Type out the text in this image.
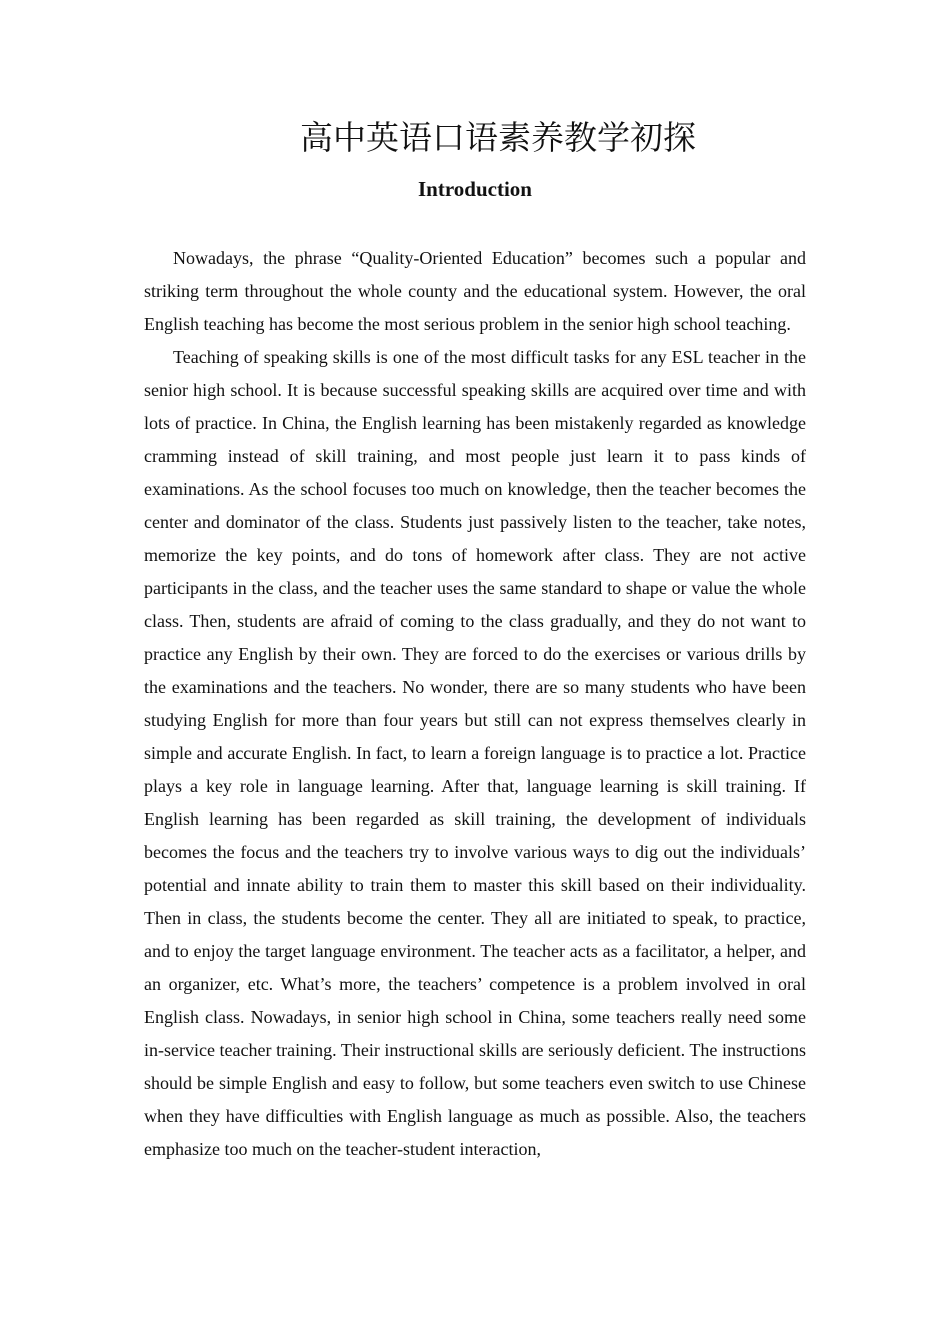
高中英语口语素养教学初探
Introduction

Nowadays, the phrase “Quality-Oriented Education” becomes such a popular and striking term throughout the whole county and the educational system. However, the oral English teaching has become the most serious problem in the senior high school teaching.

Teaching of speaking skills is one of the most difficult tasks for any ESL teacher in the senior high school. It is because successful speaking skills are acquired over time and with lots of practice. In China, the English learning has been mistakenly regarded as knowledge cramming instead of skill training, and most people just learn it to pass kinds of examinations. As the school focuses too much on knowledge, then the teacher becomes the center and dominator of the class. Students just passively listen to the teacher, take notes, memorize the key points, and do tons of homework after class. They are not active participants in the class, and the teacher uses the same standard to shape or value the whole class. Then, students are afraid of coming to the class gradually, and they do not want to practice any English by their own. They are forced to do the exercises or various drills by the examinations and the teachers. No wonder, there are so many students who have been studying English for more than four years but still can not express themselves clearly in simple and accurate English. In fact, to learn a foreign language is to practice a lot. Practice plays a key role in language learning. After that, language learning is skill training. If English learning has been regarded as skill training, the development of individuals becomes the focus and the teachers try to involve various ways to dig out the individuals’ potential and innate ability to train them to master this skill based on their individuality. Then in class, the students become the center. They all are initiated to speak, to practice, and to enjoy the target language environment. The teacher acts as a facilitator, a helper, and an organizer, etc. What’s more, the teachers’ competence is a problem involved in oral English class. Nowadays, in senior high school in China, some teachers really need some in-service teacher training. Their instructional skills are seriously deficient. The instructions should be simple English and easy to follow, but some teachers even switch to use Chinese when they have difficulties with English language as much as possible. Also, the teachers emphasize too much on the teacher-student interaction,
